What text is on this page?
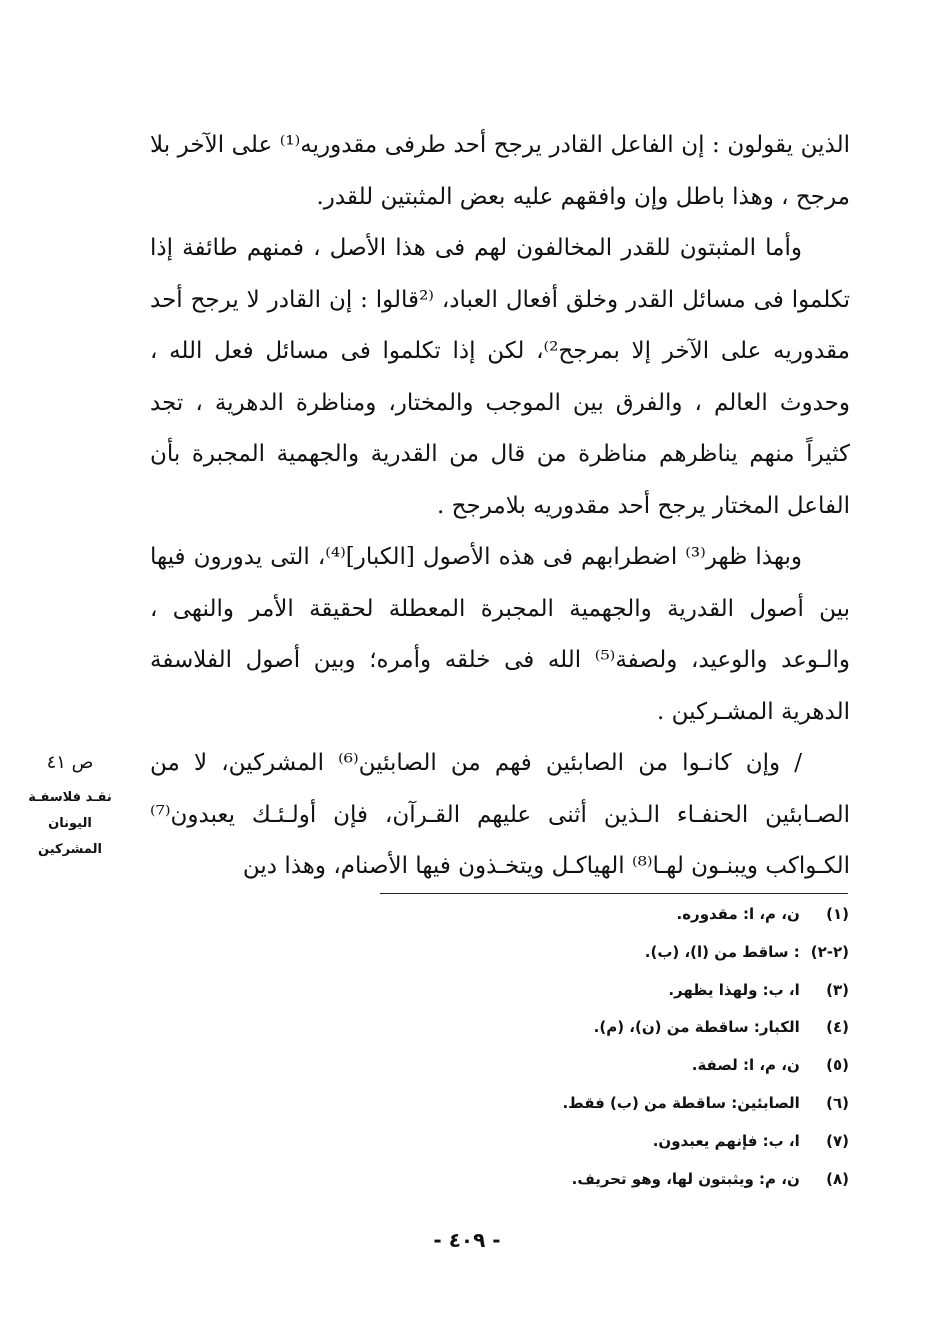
الذين يقولون : إن الفاعل القادر يرجح أحد طرفى مقدوريه⁽¹⁾ على الآخر بلا مرجح ، وهذا باطل وإن وافقهم عليه بعض المثبتين للقدر.

وأما المثبتون للقدر المخالفون لهم فى هذا الأصل ، فمنهم طائفة إذا تكلموا فى مسائل القدر وخلق أفعال العباد، ⁽²قالوا : إن القادر لا يرجح أحد مقدوريه على الآخر إلا بمرجح²⁾، لكن إذا تكلموا فى مسائل فعل الله ، وحدوث العالم ، والفرق بين الموجب والمختار، ومناظرة الدهرية ، تجد كثيراً منهم يناظرهم مناظرة من قال من القدرية والجهمية المجبرة بأن الفاعل المختار يرجح أحد مقدوريه بلامرجح .

وبهذا ظهر⁽³⁾ اضطرابهم فى هذه الأصول [الكبار]⁽⁴⁾، التى يدورون فيها بين أصول القدرية والجهمية المجبرة المعطلة لحقيقة الأمر والنهى ، والـوعد والوعيد، ولصفة⁽⁵⁾ الله فى خلقه وأمره؛ وبين أصول الفلاسفة الدهرية المشـركين .

/ وإن كانـوا من الصابئين فهم من الصابئين⁽⁶⁾ المشركين، لا من الصـابئين الحنفـاء الـذين أثنى عليهم القـرآن، فإن أولـئـك يعبدون⁽⁷⁾ الكـواكب ويبنـون لهـا⁽⁸⁾ الهياكـل ويتخـذون فيها الأصنام، وهذا دين

ص ٤١
نقـد فلاسفـة
اليونان المشركين
(١) ن، م، ا: مقدوره.
(٢-٢) : ساقط من (ا)، (ب).
(٣) ا، ب: ولهذا يظهر.
(٤) الكبار: ساقطة من (ن)، (م).
(٥) ن، م، ا: لصفة.
(٦) الصابئين: ساقطة من (ب) فقط.
(٧) ا، ب: فإنهم يعبدون.
(٨) ن، م: ويثبتون لها، وهو تحريف.
- ٤٠٩ -
